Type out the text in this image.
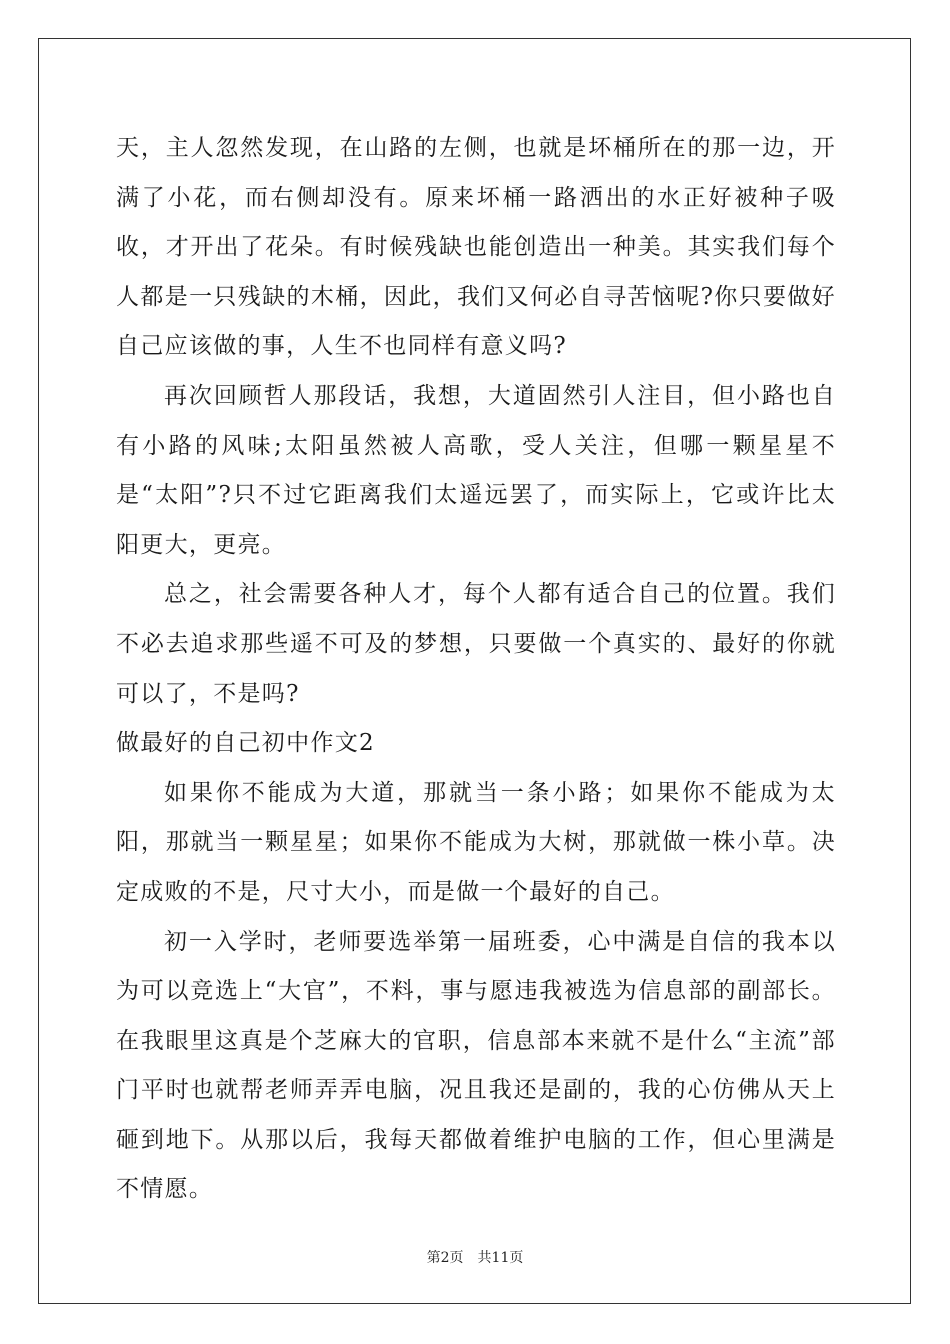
天，主人忽然发现，在山路的左侧，也就是坏桶所在的那一边，开满了小花，而右侧却没有。原来坏桶一路洒出的水正好被种子吸收，才开出了花朵。有时候残缺也能创造出一种美。其实我们每个人都是一只残缺的木桶，因此，我们又何必自寻苦恼呢?你只要做好自己应该做的事，人生不也同样有意义吗?

再次回顾哲人那段话，我想，大道固然引人注目，但小路也自有小路的风味;太阳虽然被人高歌，受人关注，但哪一颗星星不是“太阳”?只不过它距离我们太遥远罢了，而实际上，它或许比太阳更大，更亮。

总之，社会需要各种人才，每个人都有适合自己的位置。我们不必去追求那些遥不可及的梦想，只要做一个真实的、最好的你就可以了，不是吗?

做最好的自己初中作文2

如果你不能成为大道，那就当一条小路；如果你不能成为太阳，那就当一颗星星；如果你不能成为大树，那就做一株小草。决定成败的不是，尺寸大小，而是做一个最好的自己。

初一入学时，老师要选举第一届班委，心中满是自信的我本以为可以竞选上“大官”，不料，事与愿违我被选为信息部的副部长。在我眼里这真是个芝麻大的官职，信息部本来就不是什么“主流”部门平时也就帮老师弄弄电脑，况且我还是副的，我的心仿佛从天上砸到地下。从那以后，我每天都做着维护电脑的工作，但心里满是不情愿。

第2页 共11页
